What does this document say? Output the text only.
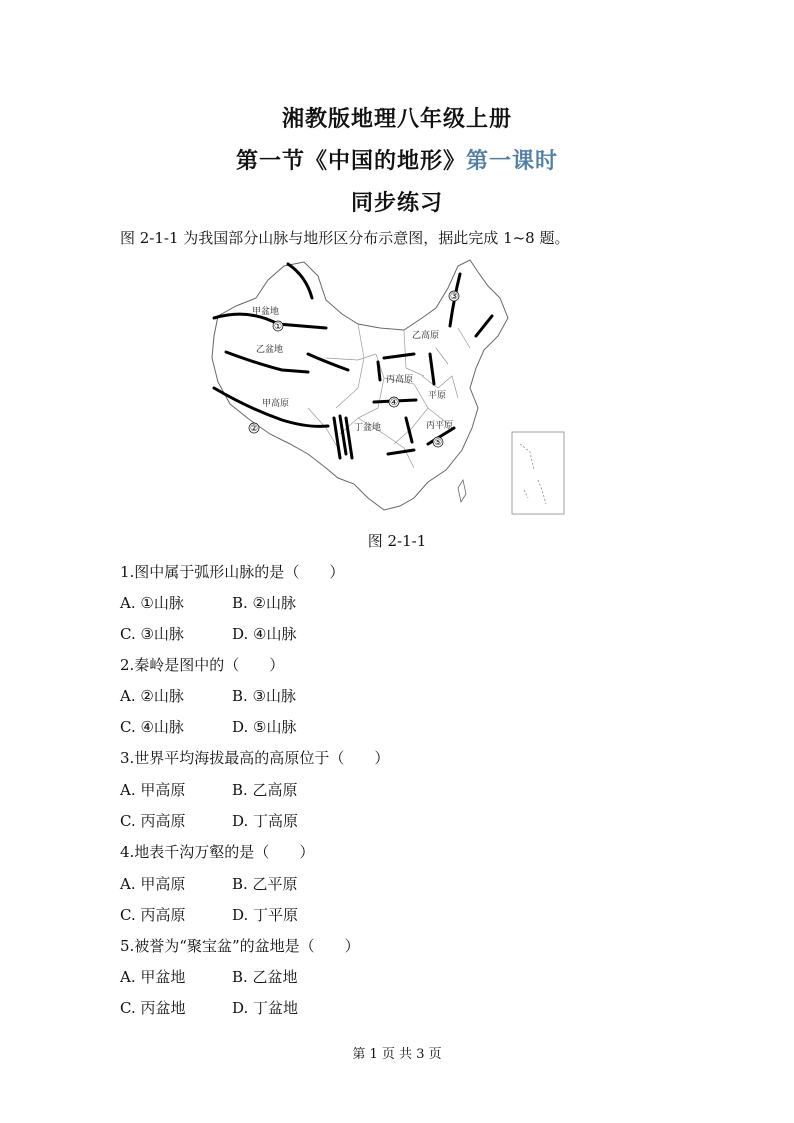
湘教版地理八年级上册
第一节《中国的地形》第一课时
同步练习
图 2-1-1 为我国部分山脉与地形区分布示意图，据此完成 1~8 题。
①
②
③
④
⑤
甲盆地
乙盆地
甲高原
乙高原
丙高原
平原
丙平原
丁盆地
图 2-1-1
1.图中属于弧形山脉的是（　　）
A. ①山脉	B. ②山脉
C. ③山脉	D. ④山脉
2.秦岭是图中的（　　）
A. ②山脉	B. ③山脉
C. ④山脉	D. ⑤山脉
3.世界平均海拔最高的高原位于（　　）
A. 甲高原	B. 乙高原
C. 丙高原	D. 丁高原
4.地表千沟万壑的是（　　）
A. 甲高原	B. 乙平原
C. 丙高原	D. 丁平原
5.被誉为“聚宝盆”的盆地是（　　）
A. 甲盆地	B. 乙盆地
C. 丙盆地	D. 丁盆地
第 1 页 共 3 页
